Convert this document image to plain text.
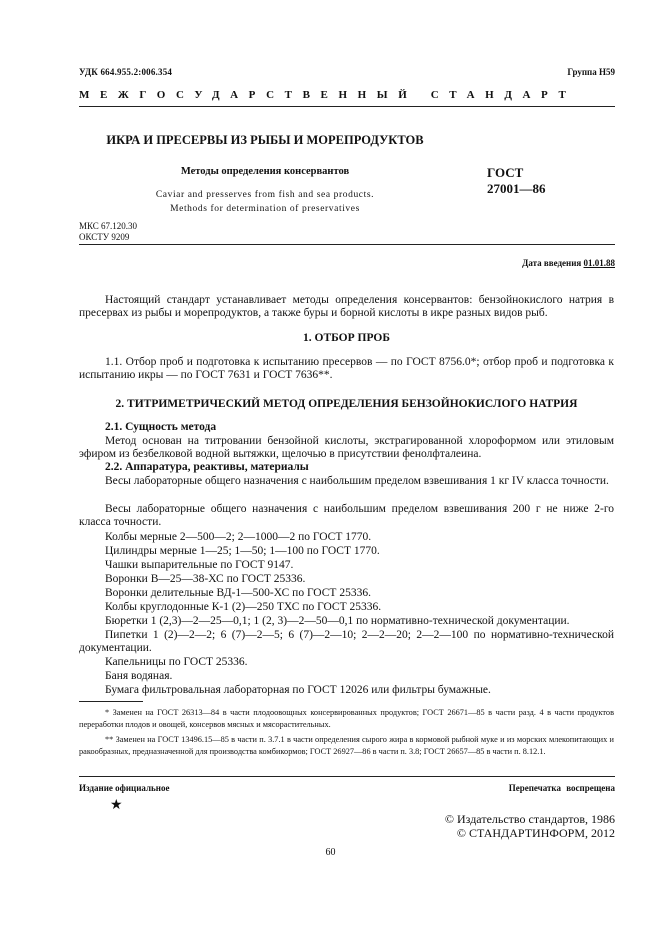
УДК 664.955.2:006.354	Группа Н59
МЕЖГОСУДАРСТВЕННЫЙ СТАНДАРТ
ИКРА И ПРЕСЕРВЫ ИЗ РЫБЫ И МОРЕПРОДУКТОВ
Методы определения консервантов
Caviar and presserves from fish and sea products.
Methods for determination of preservatives
ГОСТ
27001—86
МКС 67.120.30
ОКСТУ 9209
Дата введения 01.01.88
Настоящий стандарт устанавливает методы определения консервантов: бензойнокислого натрия в пресервах из рыбы и морепродуктов, а также буры и борной кислоты в икре разных видов рыб.
1. ОТБОР ПРОБ
1.1. Отбор проб и подготовка к испытанию пресервов — по ГОСТ 8756.0*; отбор проб и подготовка к испытанию икры — по ГОСТ 7631 и ГОСТ 7636**.
2. ТИТРИМЕТРИЧЕСКИЙ МЕТОД ОПРЕДЕЛЕНИЯ БЕНЗОЙНОКИСЛОГО НАТРИЯ
2.1. Сущность метода
Метод основан на титровании бензойной кислоты, экстрагированной хлороформом или этиловым эфиром из безбелковой водной вытяжки, щелочью в присутствии фенолфталеина.
2.2. Аппаратура, реактивы, материалы
Весы лабораторные общего назначения с наибольшим пределом взвешивания 1 кг IV класса точности.
Весы лабораторные общего назначения с наибольшим пределом взвешивания 200 г не ниже 2-го класса точности.
Колбы мерные 2—500—2; 2—1000—2 по ГОСТ 1770.
Цилиндры мерные 1—25; 1—50; 1—100 по ГОСТ 1770.
Чашки выпарительные по ГОСТ 9147.
Воронки В—25—38-ХС по ГОСТ 25336.
Воронки делительные ВД-1—500-ХС по ГОСТ 25336.
Колбы круглодонные К-1 (2)—250 ТХС по ГОСТ 25336.
Бюретки 1 (2,3)—2—25—0,1; 1 (2, 3)—2—50—0,1 по нормативно-технической документации.
Пипетки 1 (2)—2—2; 6 (7)—2—5; 6 (7)—2—10; 2—2—20; 2—2—100 по нормативно-технической документации.
Капельницы по ГОСТ 25336.
Баня водяная.
Бумага фильтровальная лабораторная по ГОСТ 12026 или фильтры бумажные.
* Заменен на ГОСТ 26313—84 в части плодоовощных консервированных продуктов; ГОСТ 26671—85 в части разд. 4 в части продуктов переработки плодов и овощей, консервов мясных и мясорастительных.
** Заменен на ГОСТ 13496.15—85 в части п. 3.7.1 в части определения сырого жира в кормовой рыбной муке и из морских млекопитающих и ракообразных, предназначенной для производства комбикормов; ГОСТ 26927—86 в части п. 3.8; ГОСТ 26657—85 в части п. 8.12.1.
Издание официальное	Перепечатка воспрещена
★
© Издательство стандартов, 1986
© СТАНДАРТИНФОРМ, 2012
60
